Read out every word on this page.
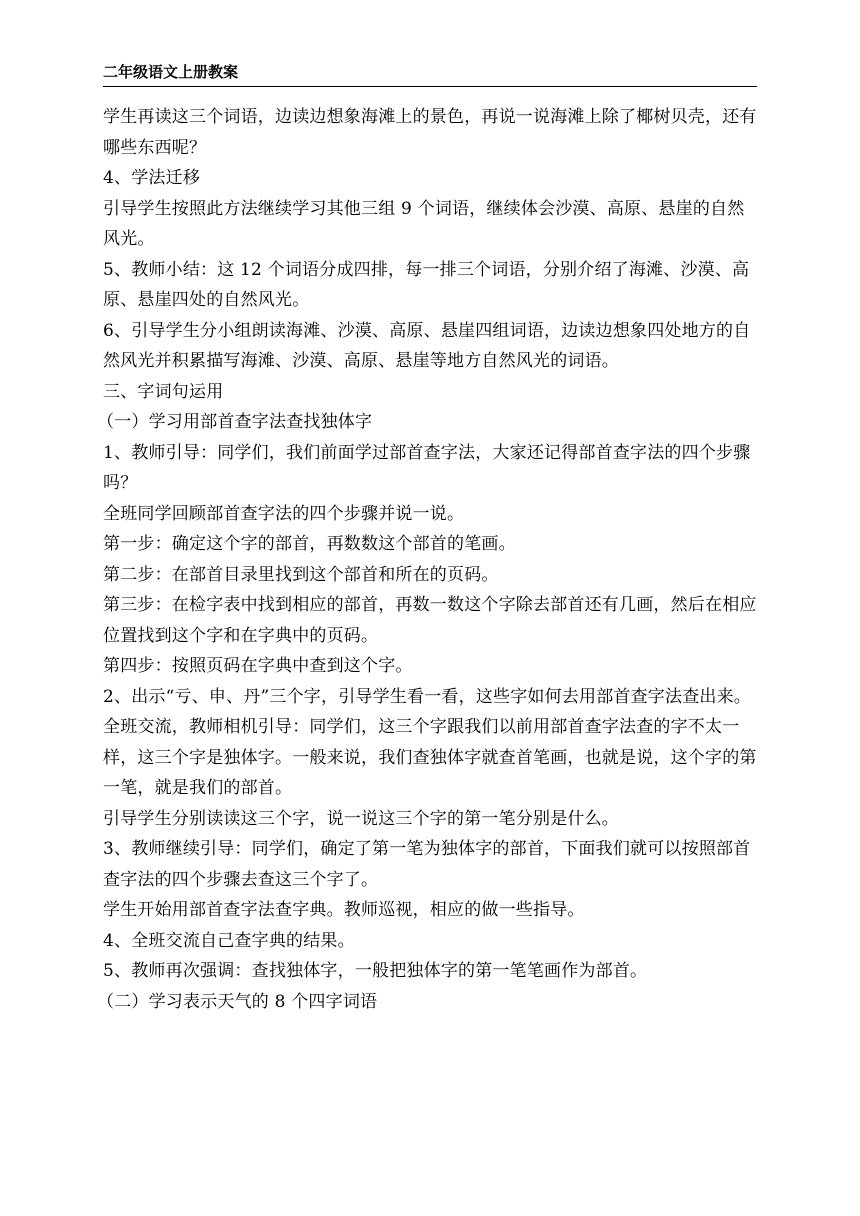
二年级语文上册教案

学生再读这三个词语，边读边想象海滩上的景色，再说一说海滩上除了椰树贝壳，还有哪些东西呢？

4、学法迁移

引导学生按照此方法继续学习其他三组 9 个词语，继续体会沙漠、高原、悬崖的自然风光。

5、教师小结：这 12 个词语分成四排，每一排三个词语，分别介绍了海滩、沙漠、高原、悬崖四处的自然风光。

6、引导学生分小组朗读海滩、沙漠、高原、悬崖四组词语，边读边想象四处地方的自然风光并积累描写海滩、沙漠、高原、悬崖等地方自然风光的词语。

三、字词句运用

（一）学习用部首查字法查找独体字

1、教师引导：同学们，我们前面学过部首查字法，大家还记得部首查字法的四个步骤吗？

全班同学回顾部首查字法的四个步骤并说一说。

第一步：确定这个字的部首，再数数这个部首的笔画。

第二步：在部首目录里找到这个部首和所在的页码。

第三步：在检字表中找到相应的部首，再数一数这个字除去部首还有几画，然后在相应位置找到这个字和在字典中的页码。

第四步：按照页码在字典中查到这个字。

2、出示“亏、申、丹”三个字，引导学生看一看，这些字如何去用部首查字法查出来。

全班交流，教师相机引导：同学们，这三个字跟我们以前用部首查字法查的字不太一样，这三个字是独体字。一般来说，我们查独体字就查首笔画，也就是说，这个字的第一笔，就是我们的部首。

引导学生分别读读这三个字，说一说这三个字的第一笔分别是什么。

3、教师继续引导：同学们，确定了第一笔为独体字的部首，下面我们就可以按照部首查字法的四个步骤去查这三个字了。

学生开始用部首查字法查字典。教师巡视，相应的做一些指导。

4、全班交流自己查字典的结果。

5、教师再次强调：查找独体字，一般把独体字的第一笔笔画作为部首。

（二）学习表示天气的 8 个四字词语
